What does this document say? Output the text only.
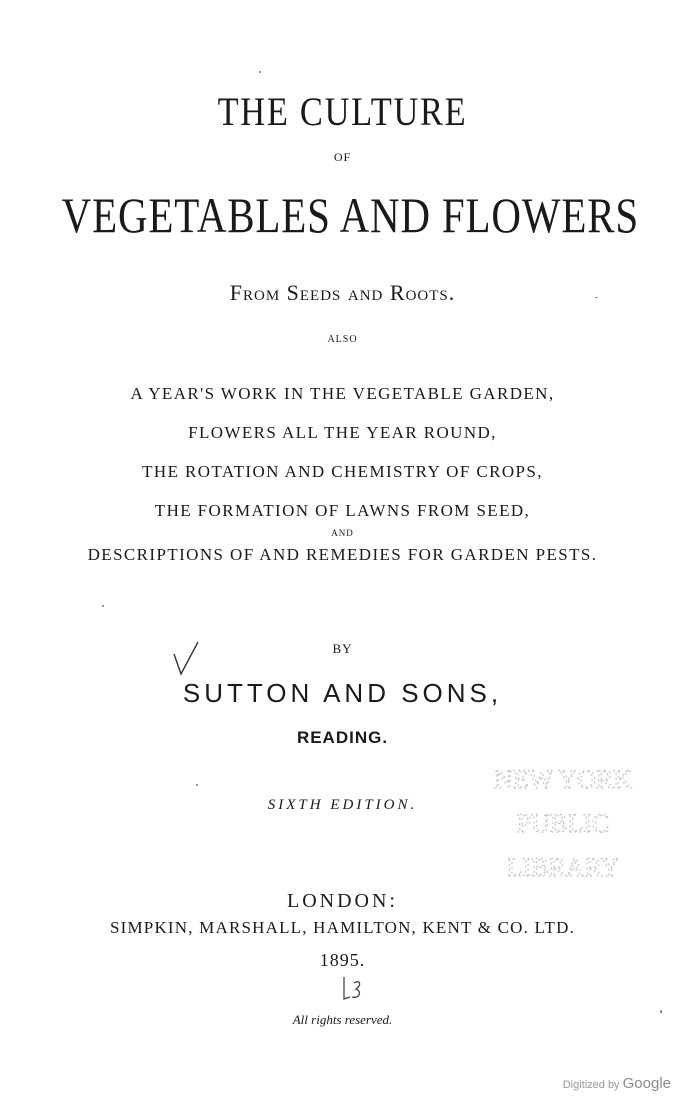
THE CULTURE
OF
VEGETABLES AND FLOWERS
From Seeds and Roots.
ALSO
A YEAR'S WORK IN THE VEGETABLE GARDEN,
FLOWERS ALL THE YEAR ROUND,
THE ROTATION AND CHEMISTRY OF CROPS,
THE FORMATION OF LAWNS FROM SEED,
AND
DESCRIPTIONS OF AND REMEDIES FOR GARDEN PESTS.
BY
SUTTON AND SONS,
READING.
SIXTH EDITION.
NEW YORK
PUBLIC
LIBRARY
LONDON:
SIMPKIN, MARSHALL, HAMILTON, KENT & CO. LTD.
1895.
All rights reserved.
Digitized by Google
